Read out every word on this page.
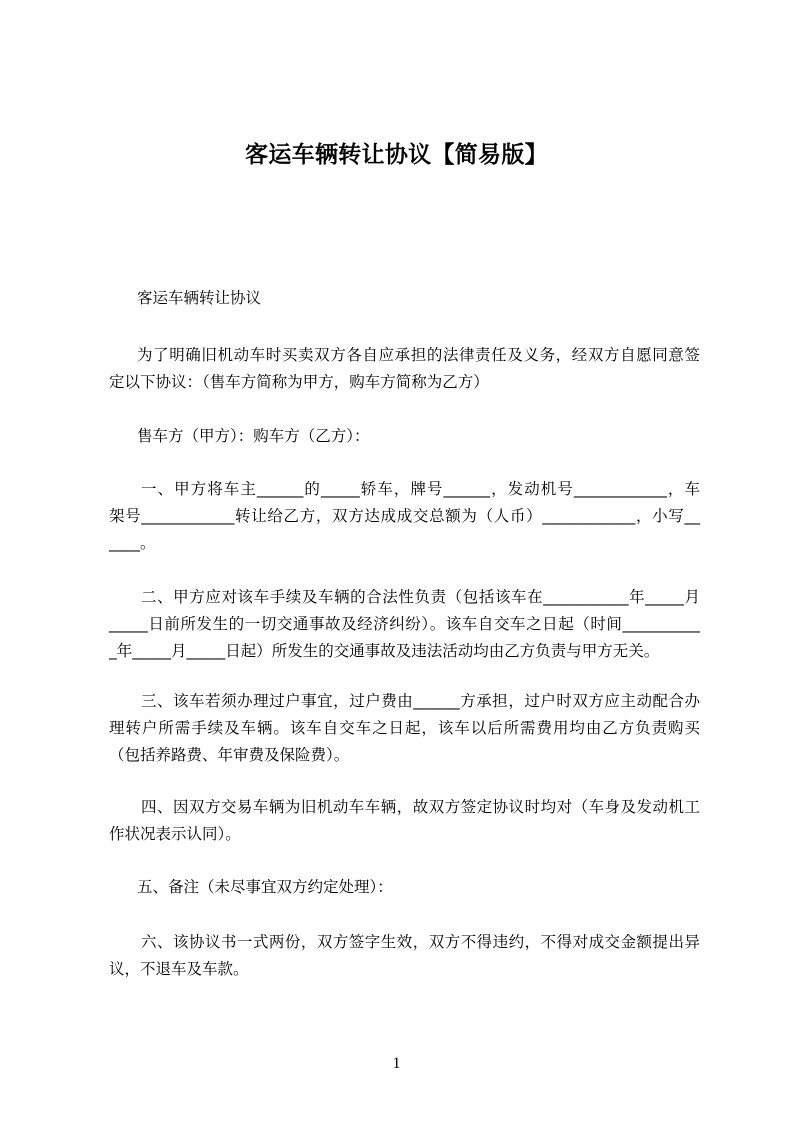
客运车辆转让协议【简易版】
客运车辆转让协议
为了明确旧机动车时买卖双方各自应承担的法律责任及义务，经双方自愿同意签
定以下协议：（售车方简称为甲方，购车方简称为乙方）
售车方（甲方）：购车方（乙方）：
一、甲方将车主______的_____轿车，牌号______，发动机号____________，车
架号____________转让给乙方，双方达成成交总额为（人币）____________，小写__
____。
二、甲方应对该车手续及车辆的合法性负责（包括该车在___________年_____月
_____日前所发生的一切交通事故及经济纠纷）。该车自交车之日起（时间__________
_年_____月_____日起）所发生的交通事故及违法活动均由乙方负责与甲方无关。
三、该车若须办理过户事宜，过户费由______方承担，过户时双方应主动配合办
理转户所需手续及车辆。该车自交车之日起，该车以后所需费用均由乙方负责购买
（包括养路费、年审费及保险费）。
四、因双方交易车辆为旧机动车车辆，故双方签定协议时均对（车身及发动机工
作状况表示认同）。
五、备注（未尽事宜双方约定处理）：
六、该协议书一式两份，双方签字生效，双方不得违约，不得对成交金额提出异
议，不退车及车款。
1
